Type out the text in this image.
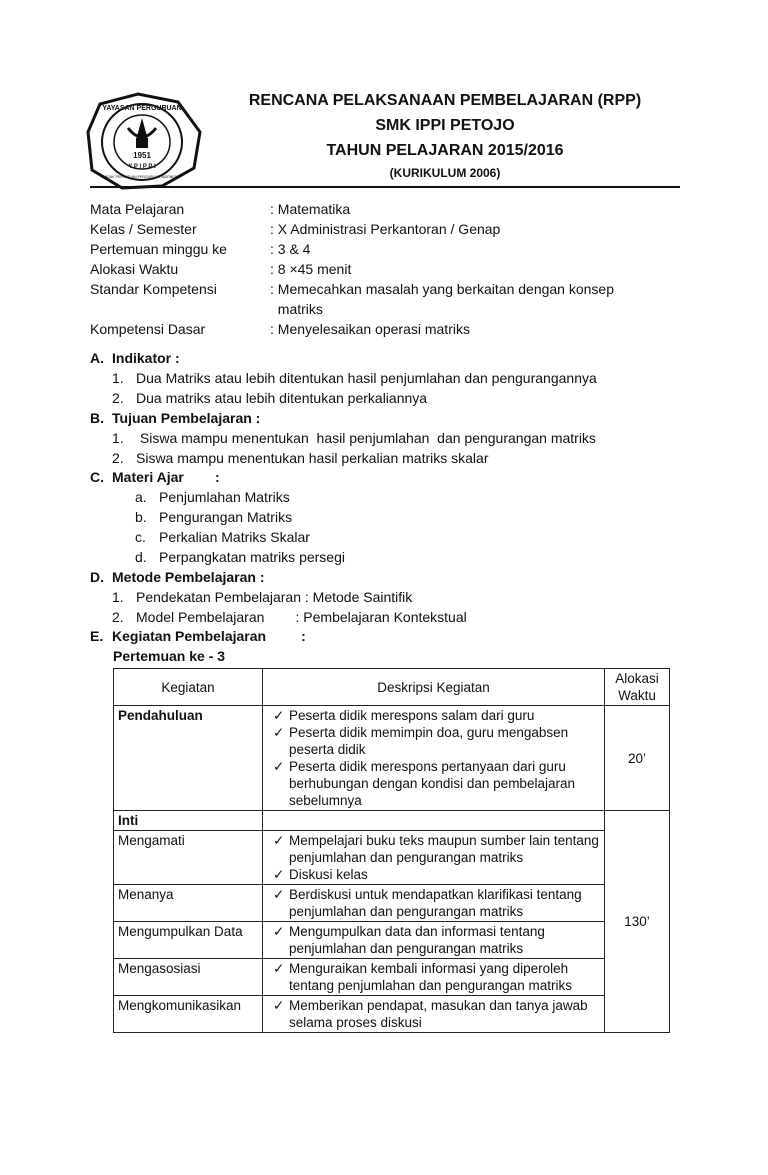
YAYASAN PERGURUAN
1951
Y P I P P I
INDUK PERSATUAN PERGURUAN INDONESIA
RENCANA PELAKSANAAN PEMBELAJARAN (RPP)
SMK IPPI PETOJO
TAHUN PELAJARAN 2015/2016
(KURIKULUM 2006)
Mata Pelajaran	: Matematika
Kelas / Semester	: X Administrasi Perkantoran / Genap
Pertemuan minggu ke	: 3 & 4
Alokasi Waktu	: 8 ×45 menit
Standar Kompetensi	: Memecahkan masalah yang berkaitan dengan konsep
matriks
Kompetensi Dasar	: Menyelesaikan operasi matriks
A. Indikator :
1. Dua Matriks atau lebih ditentukan hasil penjumlahan dan pengurangannya
2. Dua matriks atau lebih ditentukan perkaliannya
B. Tujuan Pembelajaran :
1. Siswa mampu menentukan  hasil penjumlahan  dan pengurangan matriks
2. Siswa mampu menentukan hasil perkalian matriks skalar
C. Materi Ajar        :
a. Penjumlahan Matriks
b. Pengurangan Matriks
c. Perkalian Matriks Skalar
d. Perpangkatan matriks persegi
D. Metode Pembelajaran :
1. Pendekatan Pembelajaran : Metode Saintifik
2. Model Pembelajaran        : Pembelajaran Kontekstual
E. Kegiatan Pembelajaran         :
Pertemuan ke - 3
Kegiatan	Deskripsi Kegiatan	Alokasi Waktu
Pendahuluan	✓ Peserta didik merespons salam dari guru
✓ Peserta didik memimpin doa, guru mengabsen peserta didik
✓ Peserta didik merespons pertanyaan dari guru berhubungan dengan kondisi dan pembelajaran sebelumnya	20’
Inti		130’
Mengamati	✓ Mempelajari buku teks maupun sumber lain tentang penjumlahan dan pengurangan matriks
✓ Diskusi kelas

Menanya	✓ Berdiskusi untuk mendapatkan klarifikasi tentang penjumlahan dan pengurangan matriks

Mengumpulkan Data	✓ Mengumpulkan data dan informasi tentang penjumlahan dan pengurangan matriks

Mengasosiasi	✓ Menguraikan kembali informasi yang diperoleh tentang penjumlahan dan pengurangan matriks

Mengkomunikasikan	✓ Memberikan pendapat, masukan dan tanya jawab selama proses diskusi
